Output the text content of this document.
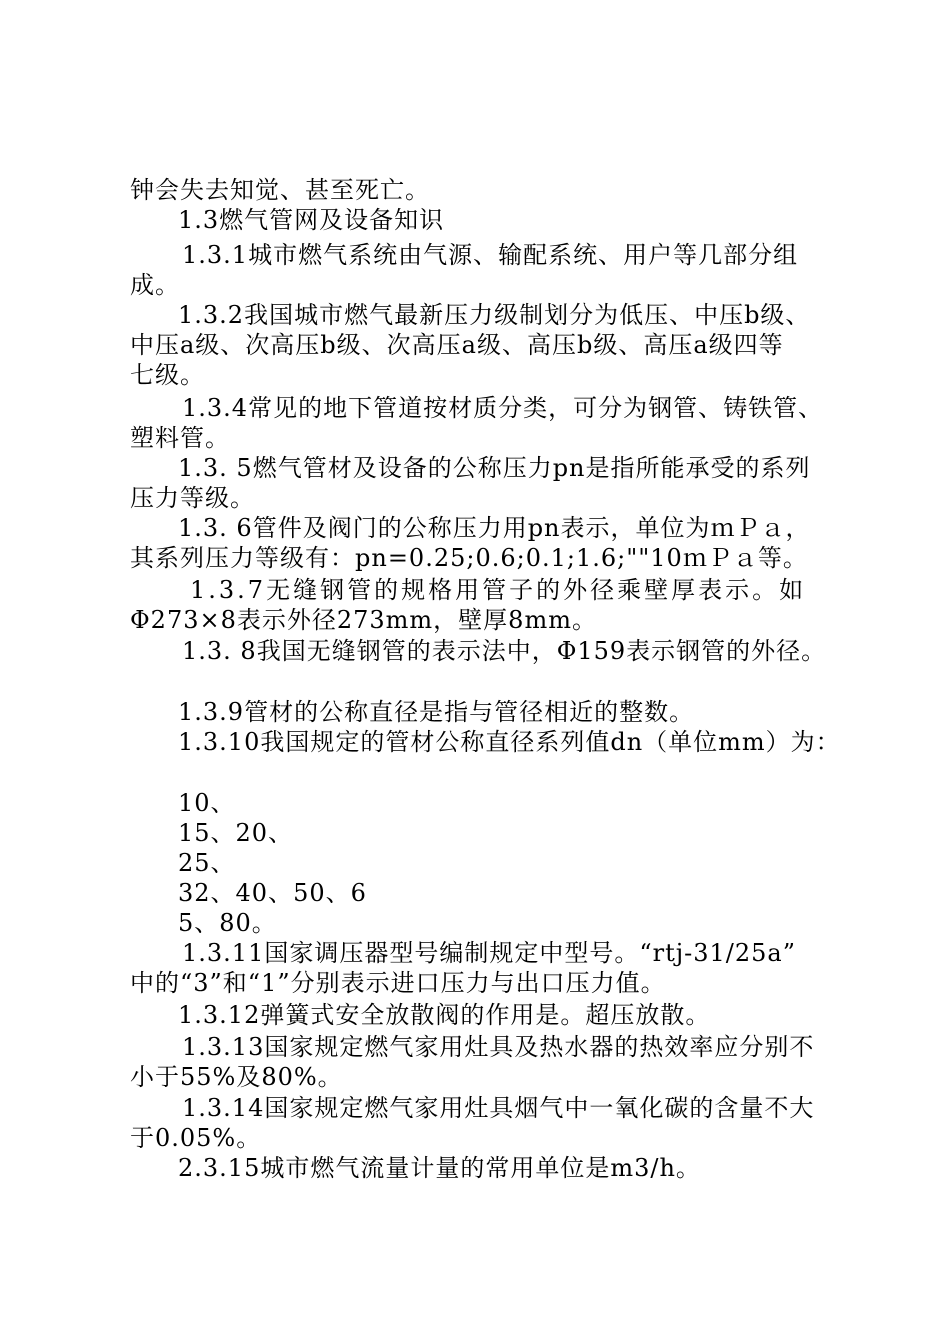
钟会失去知觉、甚至死亡。
1.3燃气管网及设备知识
1.3.1城市燃气系统由气源、输配系统、用户等几部分组
成。
1.3.2我国城市燃气最新压力级制划分为低压、中压b级、
中压a级、次高压b级、次高压a级、高压b级、高压a级四等
七级。
1.3.4常见的地下管道按材质分类，可分为钢管、铸铁管、
塑料管。
1.3. 5燃气管材及设备的公称压力pn是指所能承受的系列
压力等级。
1.3. 6管件及阀门的公称压力用pn表示，单位为ｍＰａ，
其系列压力等级有：pn=0.25;0.6;0.1;1.6;""10ｍＰａ等。
1.3.7无缝钢管的规格用管子的外径乘壁厚表示。如
Φ273×8表示外径273mm，壁厚8mm。
1.3. 8我国无缝钢管的表示法中，Φ159表示钢管的外径。
1.3.9管材的公称直径是指与管径相近的整数。
1.3.10我国规定的管材公称直径系列值dn（单位mm）为：
10、
15、20、
25、
32、40、50、6
5、80。
1.3.11国家调压器型号编制规定中型号。“rtj-31/25a”
中的“3”和“1”分别表示进口压力与出口压力值。
1.3.12弹簧式安全放散阀的作用是。超压放散。
1.3.13国家规定燃气家用灶具及热水器的热效率应分别不
小于55%及80%。
1.3.14国家规定燃气家用灶具烟气中一氧化碳的含量不大
于0.05%。
2.3.15城市燃气流量计量的常用单位是m3/h。
